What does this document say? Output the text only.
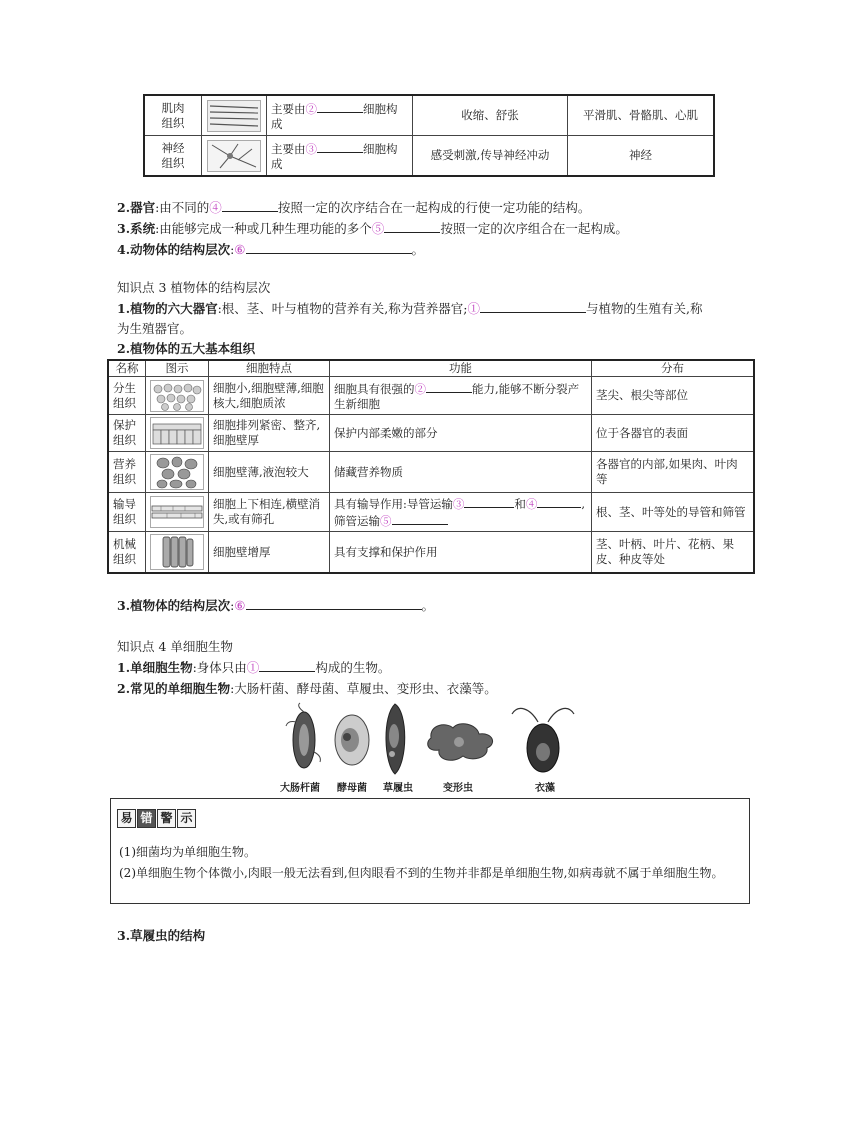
肌肉
组织		主要由② 细胞构成	收缩、舒张	平滑肌、骨骼肌、心肌
神经
组织		主要由③ 细胞构成	感受刺激,传导神经冲动	神经
2.器官:由不同的④	按照一定的次序结合在一起构成的行使一定功能的结构。
3.系统:由能够完成一种或几种生理功能的多个⑤	按照一定的次序组合在一起构成。
4.动物体的结构层次:⑥	。
知识点 3 植物体的结构层次
1.植物的六大器官:根、茎、叶与植物的营养有关,称为营养器官;①	与植物的生殖有关,称
为生殖器官。
2.植物体的五大基本组织
名称	图示	细胞特点	功能	分布
分生
组织		细胞小,细胞壁薄,细胞核大,细胞质浓	细胞具有很强的② 能力,能够不断分裂产生新细胞	茎尖、根尖等部位
保护
组织		细胞排列紧密、整齐,细胞壁厚	保护内部柔嫩的部分	位于各器官的表面
营养
组织		细胞壁薄,液泡较大	储藏营养物质	各器官的内部,如果肉、叶肉等
输导
组织		细胞上下相连,横壁消失,或有筛孔	具有输导作用:导管运输③ 和④ ,
筛管运输⑤	根、茎、叶等处的导管和筛管
机械
组织		细胞壁增厚	具有支撑和保护作用	茎、叶柄、叶片、花柄、果皮、种皮等处
3.植物体的结构层次:⑥	。
知识点 4 单细胞生物
1.单细胞生物:身体只由①	构成的生物。
2.常见的单细胞生物:大肠杆菌、酵母菌、草履虫、变形虫、衣藻等。
大肠杆菌 酵母菌 草履虫	变形虫	衣藻
易 错 警 示
(1)细菌均为单细胞生物。
(2)单细胞生物个体微小,肉眼一般无法看到,但肉眼看不到的生物并非都是单细胞生物,如病毒就不属于单细胞生物。
3.草履虫的结构
